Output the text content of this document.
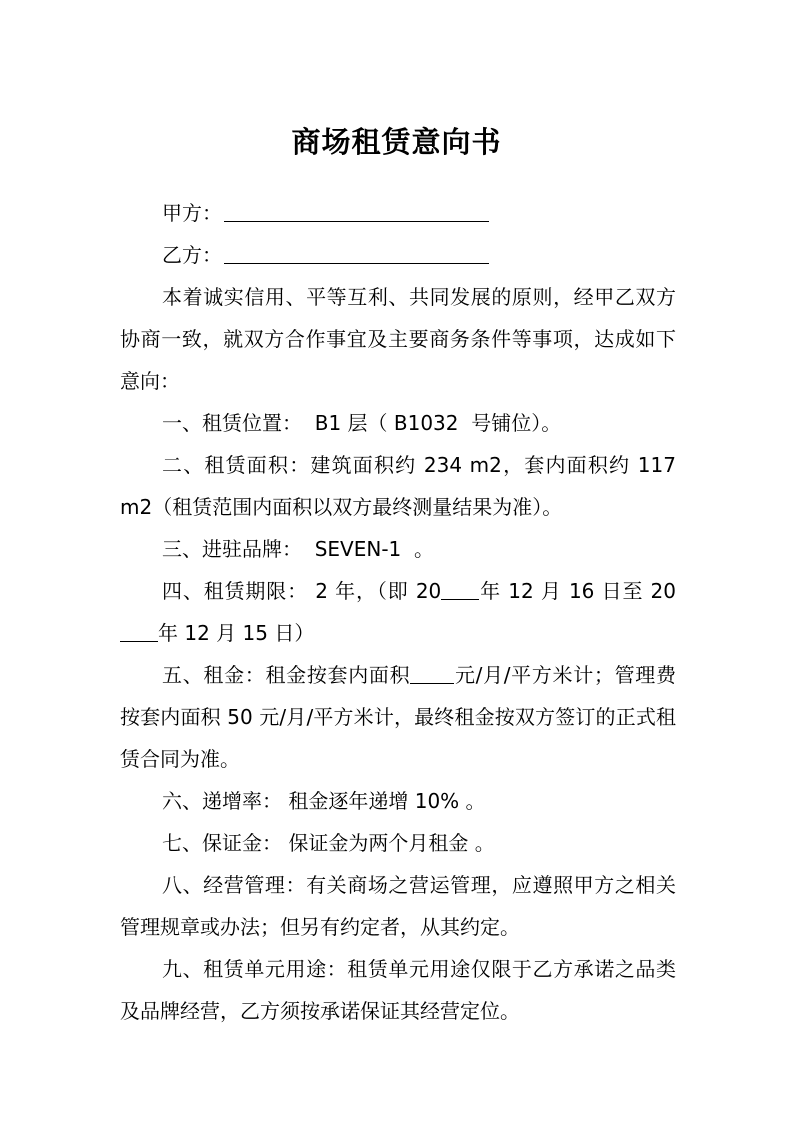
商场租赁意向书

甲方：

乙方：

本着诚实信用、平等互利、共同发展的原则，经甲乙双方协商一致，就双方合作事宜及主要商务条件等事项，达成如下意向：

一、租赁位置： B1 层（ B1032 号铺位）。

二、租赁面积：建筑面积约 234 m2，套内面积约 117 m2（租赁范围内面积以双方最终测量结果为准）。

三、进驻品牌： SEVEN-1 。

四、租赁期限： 2 年，（即 20 年 12 月 16 日至 20年 12 月 15 日）

五、租金：租金按套内面积 元/月/平方米计；管理费按套内面积 50 元/月/平方米计，最终租金按双方签订的正式租赁合同为准。

六、递增率： 租金逐年递增 10% 。

七、保证金： 保证金为两个月租金 。

八、经营管理：有关商场之营运管理，应遵照甲方之相关管理规章或办法；但另有约定者，从其约定。

九、租赁单元用途：租赁单元用途仅限于乙方承诺之品类及品牌经营，乙方须按承诺保证其经营定位。
